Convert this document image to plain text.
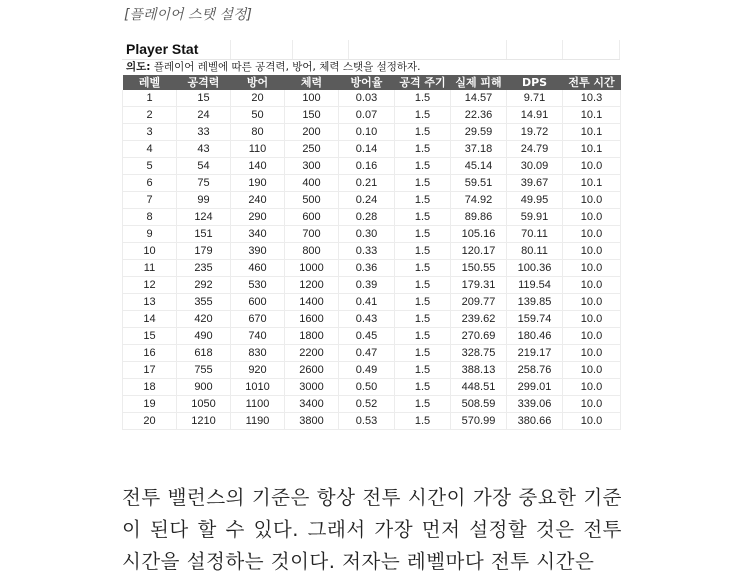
[플레이어 스탯 설정]
Player Stat
의도: 플레이어 레벨에 따른 공격력, 방어, 체력 스탯을 설정하자.
레벨	공격력	방어	체력	방어율	공격 주기	실제 피해	DPS	전투 시간
1	15	20	100	0.03	1.5	14.57	9.71	10.3
2	24	50	150	0.07	1.5	22.36	14.91	10.1
3	33	80	200	0.10	1.5	29.59	19.72	10.1
4	43	110	250	0.14	1.5	37.18	24.79	10.1
5	54	140	300	0.16	1.5	45.14	30.09	10.0
6	75	190	400	0.21	1.5	59.51	39.67	10.1
7	99	240	500	0.24	1.5	74.92	49.95	10.0
8	124	290	600	0.28	1.5	89.86	59.91	10.0
9	151	340	700	0.30	1.5	105.16	70.11	10.0
10	179	390	800	0.33	1.5	120.17	80.11	10.0
11	235	460	1000	0.36	1.5	150.55	100.36	10.0
12	292	530	1200	0.39	1.5	179.31	119.54	10.0
13	355	600	1400	0.41	1.5	209.77	139.85	10.0
14	420	670	1600	0.43	1.5	239.62	159.74	10.0
15	490	740	1800	0.45	1.5	270.69	180.46	10.0
16	618	830	2200	0.47	1.5	328.75	219.17	10.0
17	755	920	2600	0.49	1.5	388.13	258.76	10.0
18	900	1010	3000	0.50	1.5	448.51	299.01	10.0
19	1050	1100	3400	0.52	1.5	508.59	339.06	10.0
20	1210	1190	3800	0.53	1.5	570.99	380.66	10.0
전투 밸런스의 기준은 항상 전투 시간이 가장 중요한 기준이 된다 할 수 있다. 그래서 가장 먼저 설정할 것은 전투 시간을 설정하는 것이다. 저자는 레벨마다 전투 시간은
